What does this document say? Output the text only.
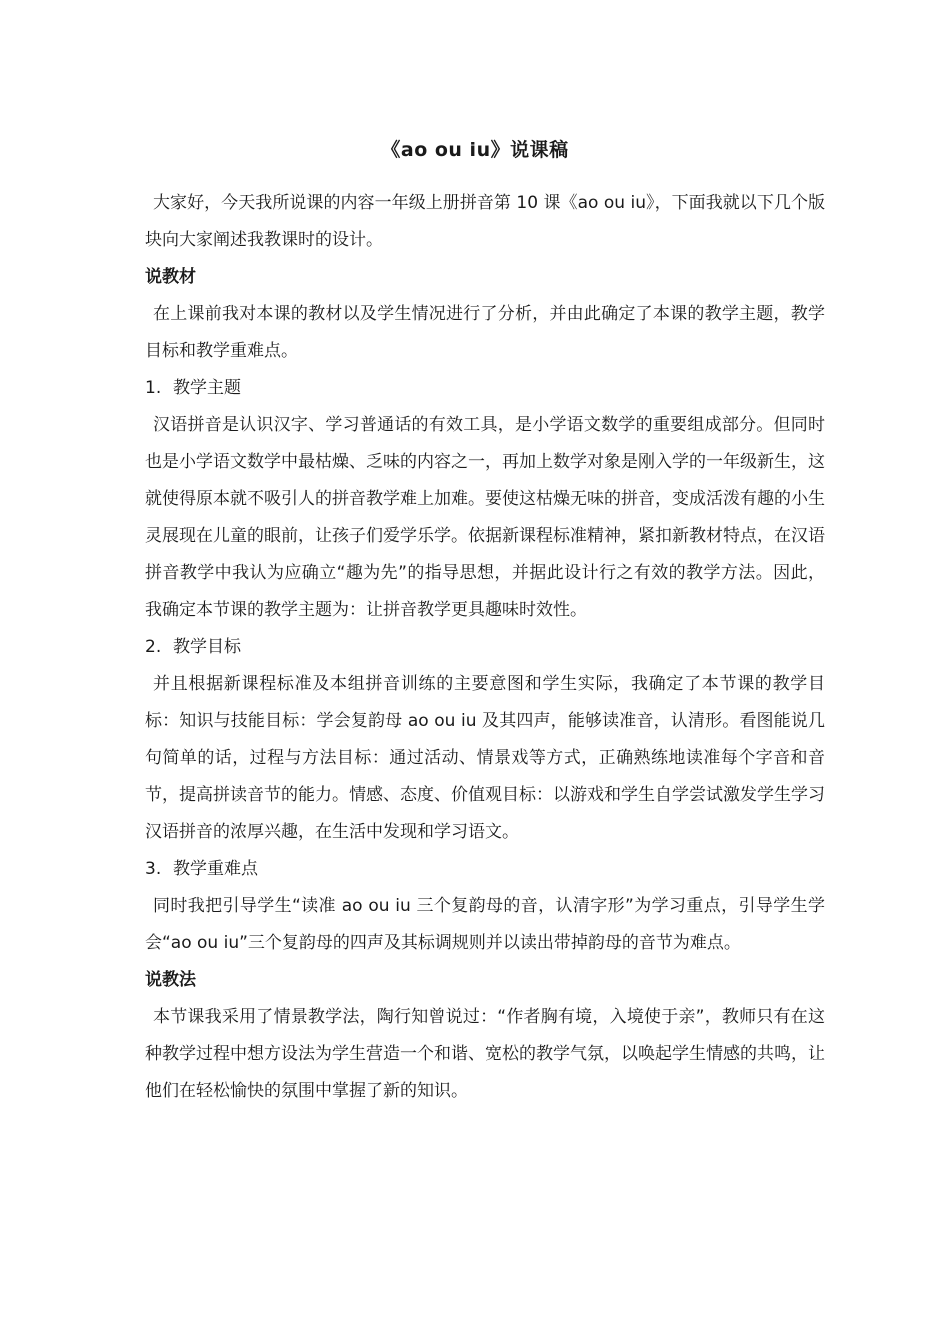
《ao ou iu》说课稿

大家好，今天我所说课的内容一年级上册拼音第 10 课《ao ou iu》，下面我就以下几个版块向大家阐述我教课时的设计。

说教材

在上课前我对本课的教材以及学生情况进行了分析，并由此确定了本课的教学主题，教学目标和教学重难点。

1. 教学主题

汉语拼音是认识汉字、学习普通话的有效工具，是小学语文数学的重要组成部分。但同时也是小学语文数学中最枯燥、乏味的内容之一，再加上数学对象是刚入学的一年级新生，这就使得原本就不吸引人的拼音教学难上加难。要使这枯燥无味的拼音，变成活泼有趣的小生灵展现在儿童的眼前，让孩子们爱学乐学。依据新课程标准精神，紧扣新教材特点，在汉语拼音教学中我认为应确立“趣为先”的指导思想，并据此设计行之有效的教学方法。因此，我确定本节课的教学主题为：让拼音教学更具趣味时效性。

2. 教学目标

并且根据新课程标准及本组拼音训练的主要意图和学生实际，我确定了本节课的教学目标：知识与技能目标：学会复韵母 ao ou iu 及其四声，能够读准音，认清形。看图能说几句简单的话，过程与方法目标：通过活动、情景戏等方式，正确熟练地读准每个字音和音节，提高拼读音节的能力。情感、态度、价值观目标：以游戏和学生自学尝试激发学生学习汉语拼音的浓厚兴趣，在生活中发现和学习语文。

3. 教学重难点

同时我把引导学生“读准 ao ou iu 三个复韵母的音，认清字形”为学习重点，引导学生学会“ao ou iu”三个复韵母的四声及其标调规则并以读出带掉韵母的音节为难点。

说教法

本节课我采用了情景教学法，陶行知曾说过：“作者胸有境，入境使于亲”，教师只有在这种教学过程中想方设法为学生营造一个和谐、宽松的教学气氛，以唤起学生情感的共鸣，让他们在轻松愉快的氛围中掌握了新的知识。
